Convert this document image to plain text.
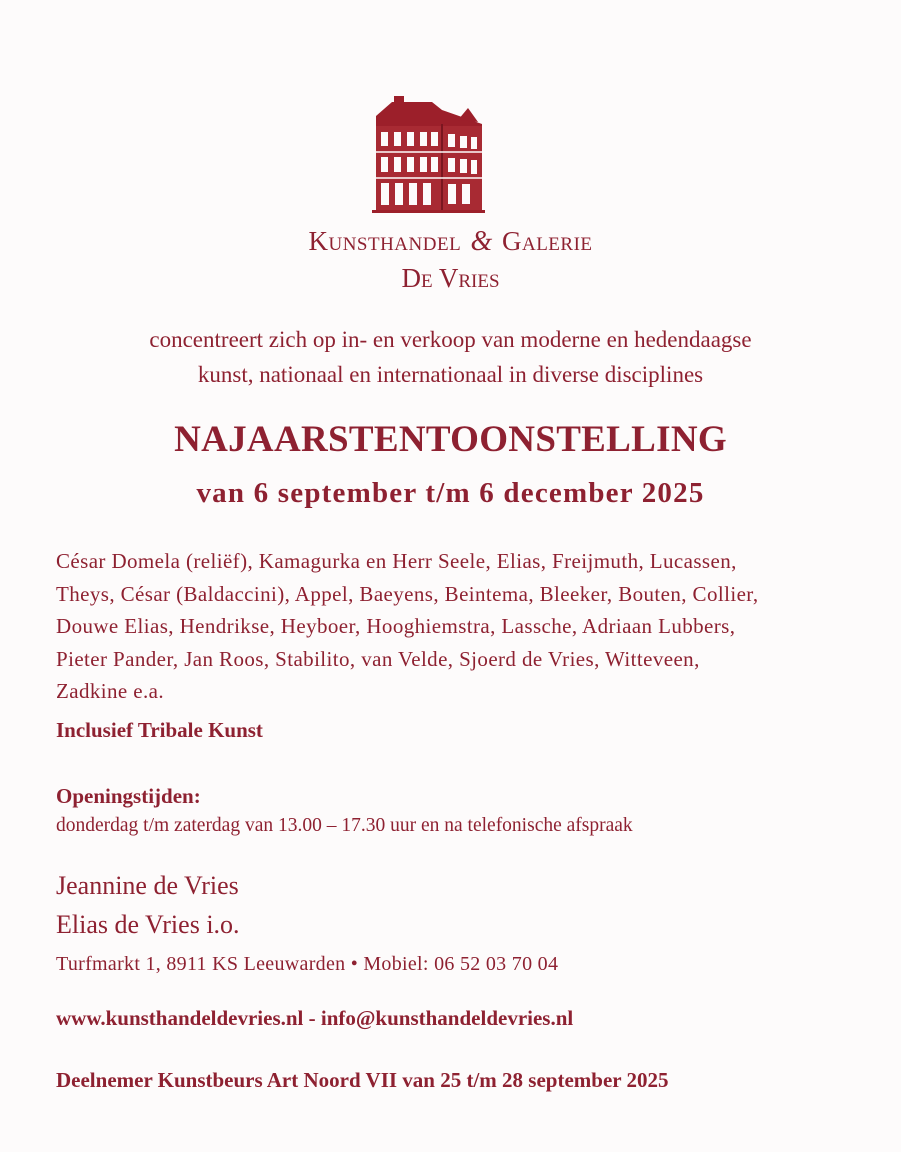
Kunsthandel & Galerie
De Vries
concentreert zich op in- en verkoop van moderne en hedendaagse
kunst, nationaal en internationaal in diverse disciplines
NAJAARSTENTOONSTELLING
van 6 september t/m 6 december 2025
César Domela (reliëf), Kamagurka en Herr Seele, Elias, Freijmuth, Lucassen,
Theys, César (Baldaccini), Appel, Baeyens, Beintema, Bleeker, Bouten, Collier,
Douwe Elias, Hendrikse, Heyboer, Hooghiemstra, Lassche, Adriaan Lubbers,
Pieter Pander, Jan Roos, Stabilito, van Velde, Sjoerd de Vries, Witteveen,
Zadkine e.a.
Inclusief Tribale Kunst
Openingstijden:
donderdag t/m zaterdag van 13.00 – 17.30 uur en na telefonische afspraak
Jeannine de Vries
Elias de Vries i.o.
Turfmarkt 1, 8911 KS Leeuwarden • Mobiel: 06 52 03 70 04
www.kunsthandeldevries.nl - info@kunsthandeldevries.nl
Deelnemer Kunstbeurs Art Noord VII van 25 t/m 28 september 2025
